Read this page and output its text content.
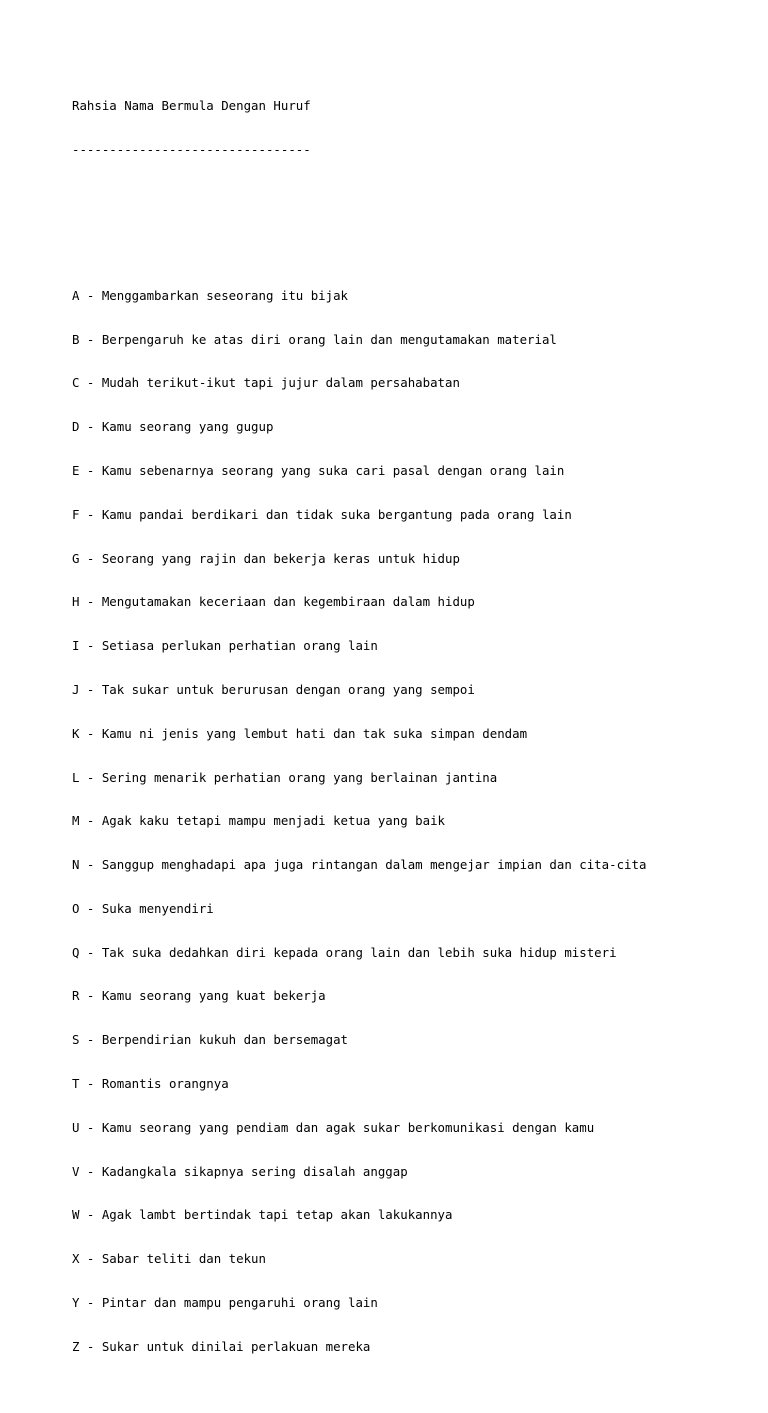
Rahsia Nama Bermula Dengan Huruf

--------------------------------

A - Menggambarkan seseorang itu bijak

B - Berpengaruh ke atas diri orang lain dan mengutamakan material

C - Mudah terikut-ikut tapi jujur dalam persahabatan

D - Kamu seorang yang gugup

E - Kamu sebenarnya seorang yang suka cari pasal dengan orang lain

F - Kamu pandai berdikari dan tidak suka bergantung pada orang lain

G - Seorang yang rajin dan bekerja keras untuk hidup

H - Mengutamakan keceriaan dan kegembiraan dalam hidup

I - Setiasa perlukan perhatian orang lain

J - Tak sukar untuk berurusan dengan orang yang sempoi

K - Kamu ni jenis yang lembut hati dan tak suka simpan dendam

L - Sering menarik perhatian orang yang berlainan jantina

M - Agak kaku tetapi mampu menjadi ketua yang baik

N - Sanggup menghadapi apa juga rintangan dalam mengejar impian dan cita-cita

O - Suka menyendiri

Q - Tak suka dedahkan diri kepada orang lain dan lebih suka hidup misteri

R - Kamu seorang yang kuat bekerja

S - Berpendirian kukuh dan bersemagat

T - Romantis orangnya

U - Kamu seorang yang pendiam dan agak sukar berkomunikasi dengan kamu

V - Kadangkala sikapnya sering disalah anggap

W - Agak lambt bertindak tapi tetap akan lakukannya

X - Sabar teliti dan tekun

Y - Pintar dan mampu pengaruhi orang lain

Z - Sukar untuk dinilai perlakuan mereka
